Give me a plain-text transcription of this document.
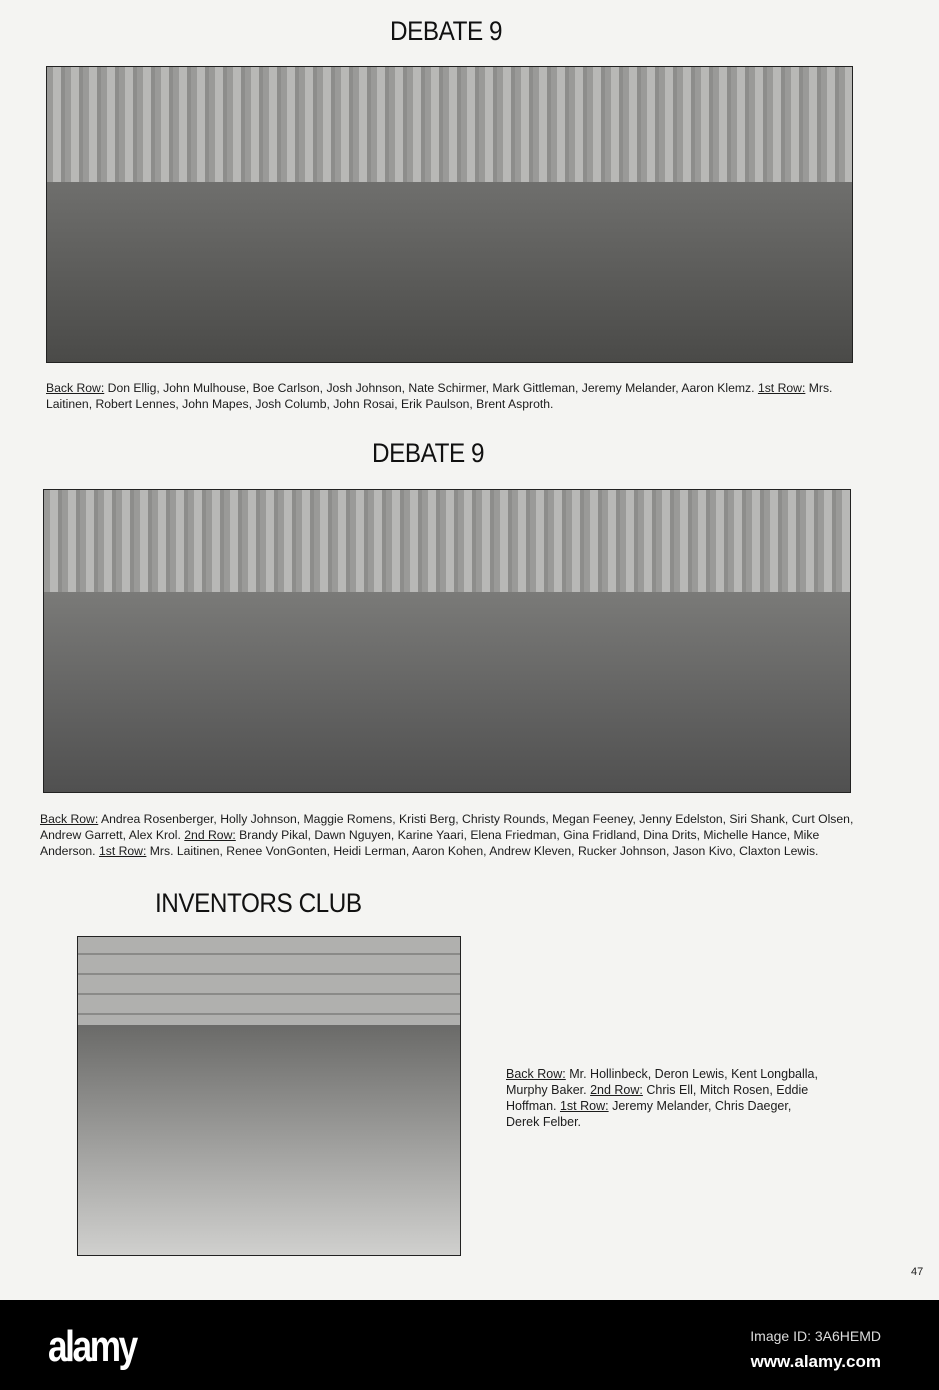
DEBATE 9

Back Row: Don Ellig, John Mulhouse, Boe Carlson, Josh Johnson, Nate Schirmer, Mark Gittleman, Jeremy Melander, Aaron Klemz. 1st Row: Mrs. Laitinen, Robert Lennes, John Mapes, Josh Columb, John Rosai, Erik Paulson, Brent Asproth.

DEBATE 9

Back Row: Andrea Rosenberger, Holly Johnson, Maggie Romens, Kristi Berg, Christy Rounds, Megan Feeney, Jenny Edelston, Siri Shank, Curt Olsen, Andrew Garrett, Alex Krol. 2nd Row: Brandy Pikal, Dawn Nguyen, Karine Yaari, Elena Friedman, Gina Fridland, Dina Drits, Michelle Hance, Mike Anderson. 1st Row: Mrs. Laitinen, Renee VonGonten, Heidi Lerman, Aaron Kohen, Andrew Kleven, Rucker Johnson, Jason Kivo, Claxton Lewis.

INVENTORS CLUB

Back Row: Mr. Hollinbeck, Deron Lewis, Kent Longballa, Murphy Baker. 2nd Row: Chris Ell, Mitch Rosen, Eddie Hoffman. 1st Row: Jeremy Melander, Chris Daeger, Derek Felber.

47
alamy	Image ID: 3A6HEMD
www.alamy.com
